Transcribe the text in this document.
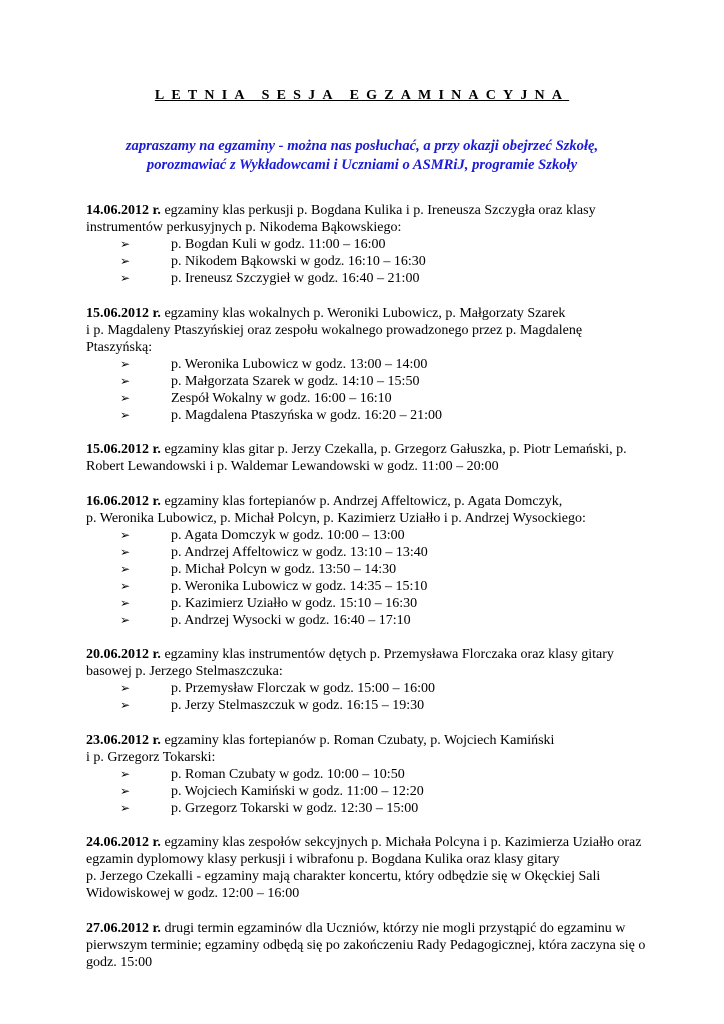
LETNIA SESJA EGZAMINACYJNA
zapraszamy na egzaminy - można nas posłuchać, a przy okazji obejrzeć Szkołę,
porozmawiać z Wykładowcami i Uczniami o ASMRiJ, programie Szkoły

14.06.2012 r. egzaminy klas perkusji p. Bogdana Kulika i p. Ireneusza Szczygła oraz klasy
instrumentów perkusyjnych p. Nikodema Bąkowskiego:

➢	p. Bogdan Kuli w godz. 11:00 – 16:00
➢	p. Nikodem Bąkowski w godz. 16:10 – 16:30
➢	p. Ireneusz Szczygieł w godz. 16:40 – 21:00

15.06.2012 r. egzaminy klas wokalnych p. Weroniki Lubowicz, p. Małgorzaty Szarek
i p. Magdaleny Ptaszyńskiej oraz zespołu wokalnego prowadzonego przez p. Magdalenę Ptaszyńską:

➢	p. Weronika Lubowicz w godz. 13:00 – 14:00
➢	p. Małgorzata Szarek w godz. 14:10 – 15:50
➢	Zespół Wokalny w godz. 16:00 – 16:10
➢	p. Magdalena Ptaszyńska w godz. 16:20 – 21:00

15.06.2012 r. egzaminy klas gitar p. Jerzy Czekalla, p. Grzegorz Gałuszka, p. Piotr Lemański, p.
Robert Lewandowski i p. Waldemar Lewandowski w godz. 11:00 – 20:00

16.06.2012 r. egzaminy klas fortepianów p. Andrzej Affeltowicz, p. Agata Domczyk,
p. Weronika Lubowicz, p. Michał Polcyn, p. Kazimierz Uziałło i p. Andrzej Wysockiego:

➢	p. Agata Domczyk w godz. 10:00 – 13:00
➢	p. Andrzej Affeltowicz w godz. 13:10 – 13:40
➢	p. Michał Polcyn w godz. 13:50 – 14:30
➢	p. Weronika Lubowicz w godz. 14:35 – 15:10
➢	p. Kazimierz Uziałło w godz. 15:10 – 16:30
➢	p. Andrzej Wysocki w godz. 16:40 – 17:10

20.06.2012 r. egzaminy klas instrumentów dętych p. Przemysława Florczaka oraz klasy gitary
basowej p. Jerzego Stelmaszczuka:

➢	p. Przemysław Florczak w godz. 15:00 – 16:00
➢	p. Jerzy Stelmaszczuk w godz. 16:15 – 19:30

23.06.2012 r. egzaminy klas fortepianów p. Roman Czubaty, p. Wojciech Kamiński
i p. Grzegorz Tokarski:

➢	p. Roman Czubaty w godz. 10:00 – 10:50
➢	p. Wojciech Kamiński w godz. 11:00 – 12:20
➢	p. Grzegorz Tokarski w godz. 12:30 – 15:00

24.06.2012 r. egzaminy klas zespołów sekcyjnych p. Michała Polcyna i p. Kazimierza Uziałło oraz
egzamin dyplomowy klasy perkusji i wibrafonu p. Bogdana Kulika oraz klasy gitary
p. Jerzego Czekalli - egzaminy mają charakter koncertu, który odbędzie się w Okęckiej Sali
Widowiskowej w godz. 12:00 – 16:00

27.06.2012 r. drugi termin egzaminów dla Uczniów, którzy nie mogli przystąpić do egzaminu w
pierwszym terminie; egzaminy odbędą się po zakończeniu Rady Pedagogicznej, która zaczyna się o
godz. 15:00
